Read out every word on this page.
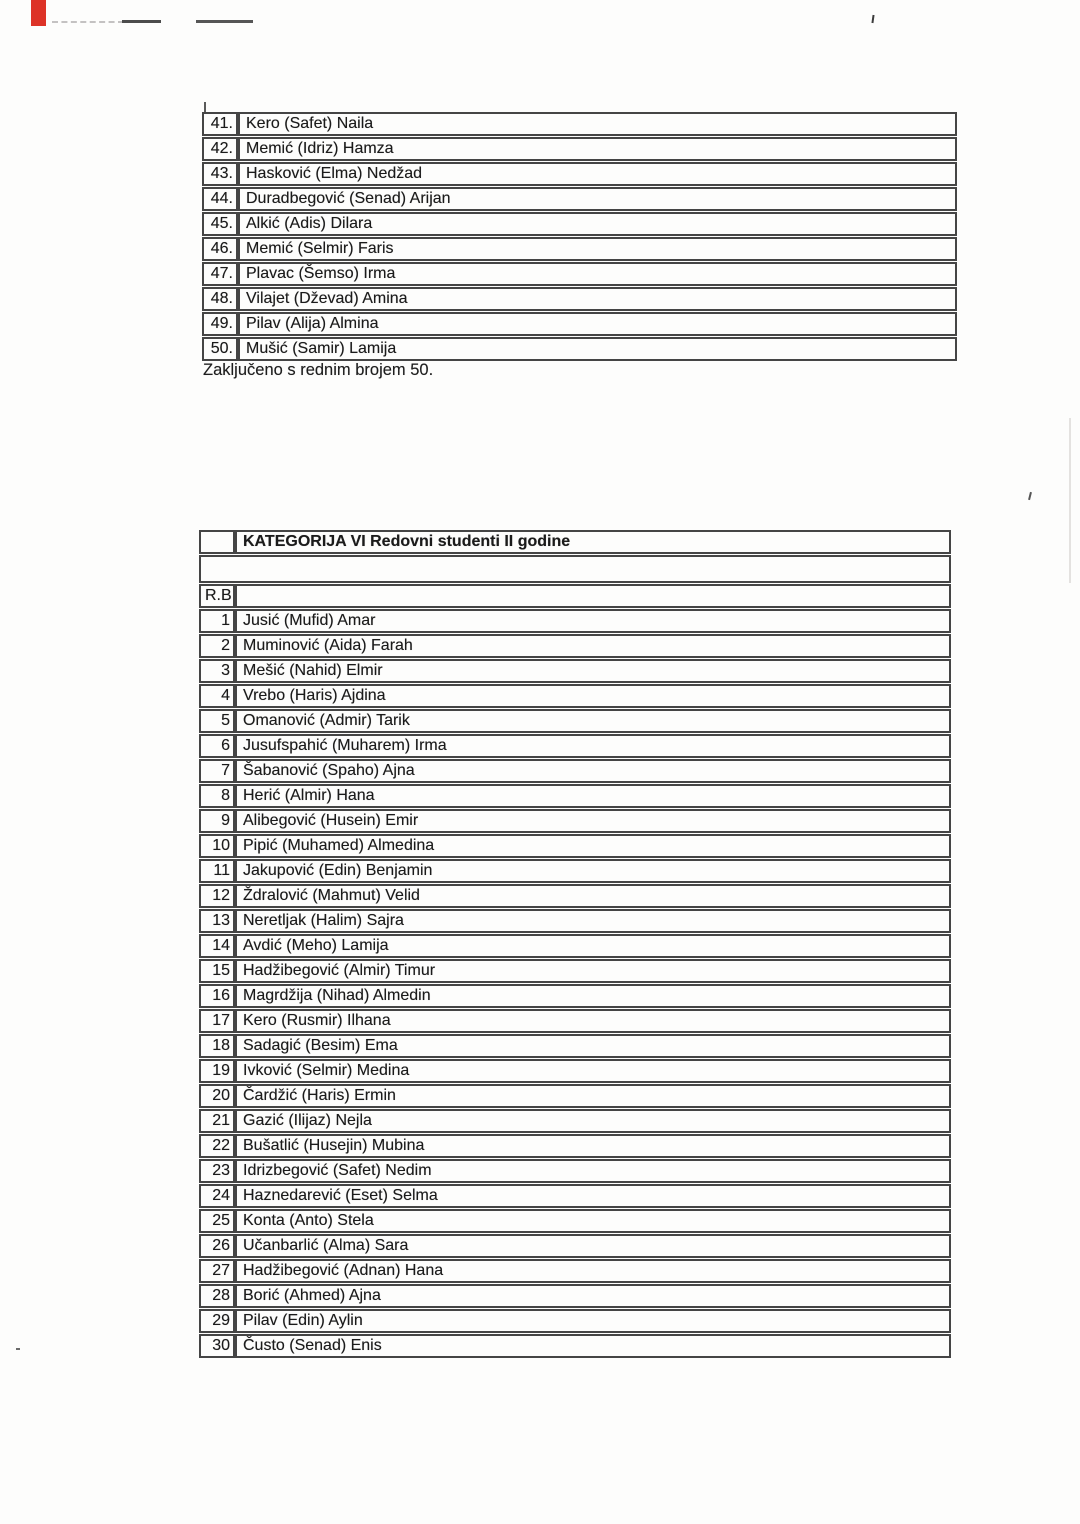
41.	Kero (Safet) Naila
42.	Memić (Idriz) Hamza
43.	Hasković (Elma) Nedžad
44.	Duradbegović (Senad) Arijan
45.	Alkić (Adis) Dilara
46.	Memić (Selmir) Faris
47.	Plavac (Šemso) Irma
48.	Vilajet (Dževad) Amina
49.	Pilav (Alija) Almina
50.	Mušić (Samir) Lamija
Zaključeno s rednim brojem 50.
	KATEGORIJA VI Redovni studenti II godine

R.B	
1	Jusić (Mufid) Amar
2	Muminović (Aida) Farah
3	Mešić (Nahid) Elmir
4	Vrebo (Haris) Ajdina
5	Omanović (Admir) Tarik
6	Jusufspahić (Muharem) Irma
7	Šabanović (Spaho) Ajna
8	Herić (Almir) Hana
9	Alibegović (Husein) Emir
10	Pipić (Muhamed) Almedina
11	Jakupović (Edin) Benjamin
12	Ždralović (Mahmut) Velid
13	Neretljak (Halim) Sajra
14	Avdić (Meho) Lamija
15	Hadžibegović (Almir) Timur
16	Magrdžija (Nihad) Almedin
17	Kero (Rusmir) Ilhana
18	Sadagić (Besim) Ema
19	Ivković (Selmir) Medina
20	Čardžić (Haris) Ermin
21	Gazić (Ilijaz) Nejla
22	Bušatlić (Husejin) Mubina
23	Idrizbegović (Safet) Nedim
24	Haznedarević (Eset) Selma
25	Konta (Anto) Stela
26	Učanbarlić (Alma) Sara
27	Hadžibegović (Adnan) Hana
28	Borić (Ahmed) Ajna
29	Pilav (Edin) Aylin
30	Čusto (Senad) Enis
